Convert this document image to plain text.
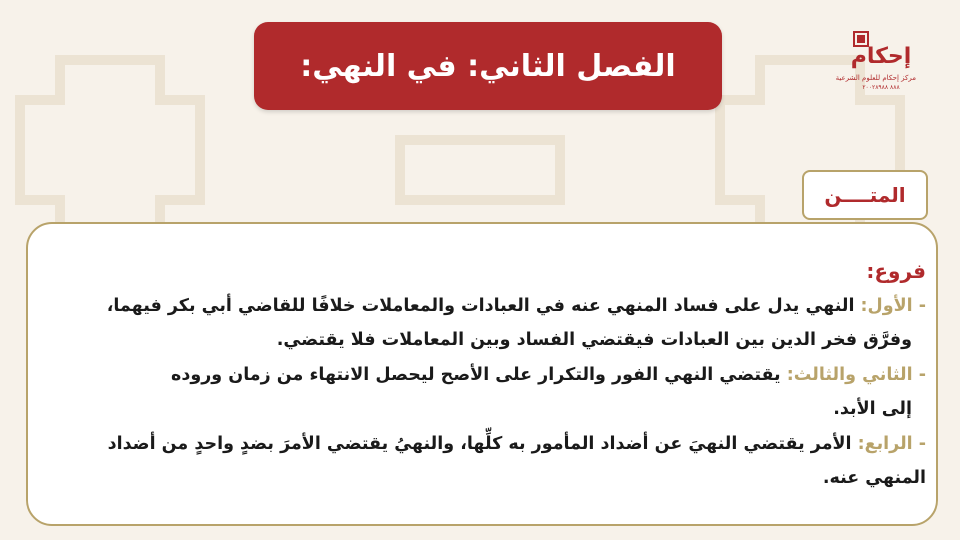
الفصل الثاني: في النهي:	إحكام
مركز إحكام للعلوم الشرعية
٨٨٨ ٢٠٠٢٨٩٨٨
المتــــن

فروع:

- الأول: النهي يدل على فساد المنهي عنه في العبادات والمعاملات خلافًا للقاضي أبي بكر فيهما،

وفرَّق فخر الدين بين العبادات فيقتضي الفساد وبين المعاملات فلا يقتضي.

- الثاني والثالث: يقتضي النهي الفور والتكرار على الأصح ليحصل الانتهاء من زمان وروده

إلى الأبد.

- الرابع: الأمر يقتضي النهيَ عن أضداد المأمور به كلِّها، والنهيُ يقتضي الأمرَ بضدٍ واحدٍ من أضداد المنهي عنه.
